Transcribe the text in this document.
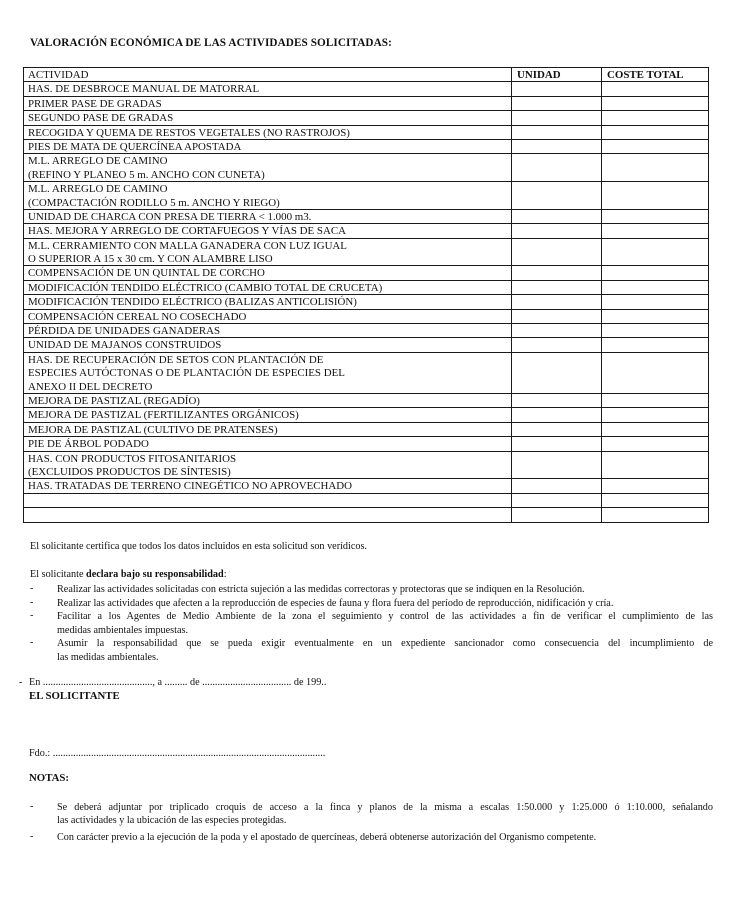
VALORACIÓN ECONÓMICA DE LAS ACTIVIDADES SOLICITADAS:
ACTIVIDAD	UNIDAD	COSTE TOTAL

HAS. DE DESBROCE MANUAL DE MATORRAL		

PRIMER PASE DE GRADAS		

SEGUNDO PASE DE GRADAS		

RECOGIDA Y QUEMA DE RESTOS VEGETALES (NO RASTROJOS)		

PIES DE MATA DE QUERCÍNEA APOSTADA		

M.L. ARREGLO DE CAMINO
(REFINO Y PLANEO 5 m. ANCHO CON CUNETA)		

M.L. ARREGLO DE CAMINO
(COMPACTACIÓN RODILLO 5 m. ANCHO Y RIEGO)		

UNIDAD DE CHARCA CON PRESA DE TIERRA < 1.000 m3.		

HAS. MEJORA Y ARREGLO DE CORTAFUEGOS Y VÍAS DE SACA		

M.L. CERRAMIENTO CON MALLA GANADERA CON LUZ IGUAL
O SUPERIOR A 15 x 30 cm. Y CON ALAMBRE LISO		

COMPENSACIÓN DE UN QUINTAL DE CORCHO		

MODIFICACIÓN TENDIDO ELÉCTRICO (CAMBIO TOTAL DE CRUCETA)		

MODIFICACIÓN TENDIDO ELÉCTRICO (BALIZAS ANTICOLISIÓN)		

COMPENSACIÓN CEREAL NO COSECHADO		

PÉRDIDA DE UNIDADES GANADERAS		

UNIDAD DE MAJANOS CONSTRUIDOS		

HAS. DE RECUPERACIÓN DE SETOS CON PLANTACIÓN DE
ESPECIES AUTÓCTONAS O DE PLANTACIÓN DE ESPECIES DEL
ANEXO II DEL DECRETO		

MEJORA DE PASTIZAL (REGADÍO)		

MEJORA DE PASTIZAL (FERTILIZANTES ORGÁNICOS)		

MEJORA DE PASTIZAL (CULTIVO DE PRATENSES)		

PIE DE ÁRBOL PODADO		

HAS. CON PRODUCTOS FITOSANITARIOS
(EXCLUIDOS PRODUCTOS DE SÍNTESIS)		

HAS. TRATADAS DE TERRENO CINEGÉTICO NO APROVECHADO		

El solicitante certifica que todos los datos incluidos en esta solicitud son verídicos.
El solicitante declara bajo su responsabilidad:
- Realizar las actividades solicitadas con estricta sujeción a las medidas correctoras y protectoras que se indiquen en la Resolución.
- Realizar las actividades que afecten a la reproducción de especies de fauna y flora fuera del período de reproducción, nidificación y cría.
- Facilitar a los Agentes de Medio Ambiente de la zona el seguimiento y control de las actividades a fin de verificar el cumplimiento de las
medidas ambientales impuestas.
- Asumir la responsabilidad que se pueda exigir eventualmente en un expediente sancionador como consecuencia del incumplimiento de
las medidas ambientales.
- En ..........................................., a ......... de ................................... de 199..
EL SOLICITANTE
Fdo.: ...........................................................................................................
NOTAS:
- Se deberá adjuntar por triplicado croquis de acceso a la finca y planos de la misma a escalas 1:50.000 y 1:25.000 ó 1:10.000, señalando
las actividades y la ubicación de las especies protegidas.
- Con carácter previo a la ejecución de la poda y el apostado de quercíneas, deberá obtenerse autorización del Organismo competente.
